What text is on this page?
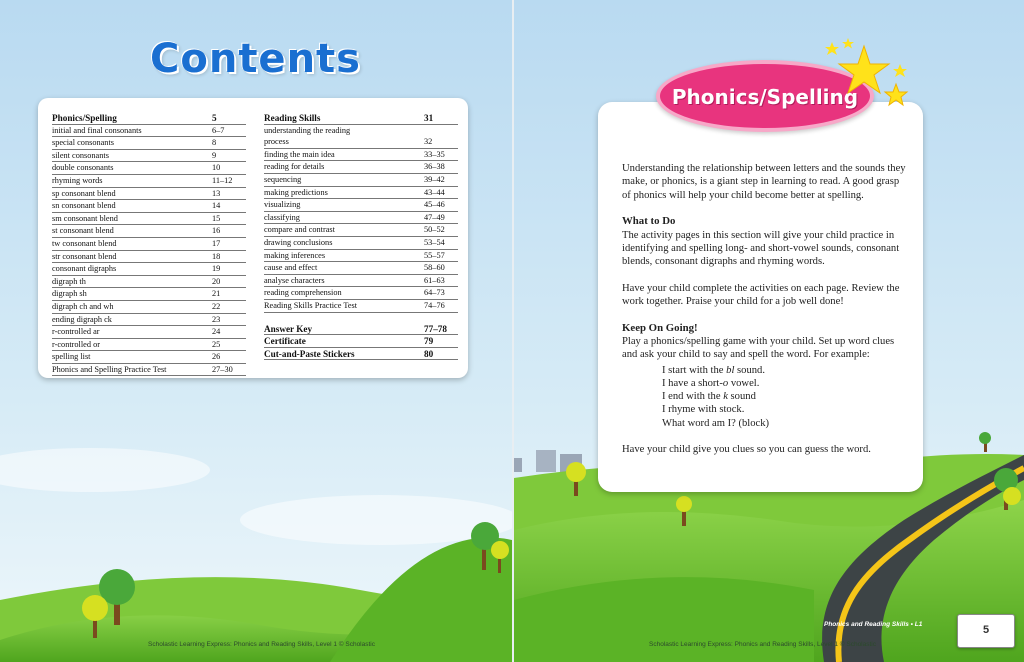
Contents
Phonics/Spelling	5
initial and final consonants	6–7
special consonants	8
silent consonants	9
double consonants	10
rhyming words	11–12
sp consonant blend	13
sn consonant blend	14
sm consonant blend	15
st consonant blend	16
tw consonant blend	17
str consonant blend	18
consonant digraphs	19
digraph th	20
digraph sh	21
digraph ch and wh	22
ending digraph ck	23
r-controlled ar	24
r-controlled or	25
spelling list	26
Phonics and Spelling Practice Test	27–30
Reading Skills	31
understanding the reading
process	32
finding the main idea	33–35
reading for details	36–38
sequencing	39–42
making predictions	43–44
visualizing	45–46
classifying	47–49
compare and contrast	50–52
drawing conclusions	53–54
making inferences	55–57
cause and effect	58–60
analyse characters	61–63
reading comprehension	64–73
Reading Skills Practice Test	74–76
Answer Key	77–78
Certificate	79
Cut-and-Paste Stickers	80
Scholastic Learning Express: Phonics and Reading Skills, Level 1 © Scholastic

Understanding the relationship between letters and the sounds they make, or phonics, is a giant step in learning to read. A good grasp of phonics will help your child become better at spelling.

What to Do

The activity pages in this section will give your child practice in identifying and spelling long- and short-vowel sounds, consonant blends, consonant digraphs and rhyming words.

Have your child complete the activities on each page. Review the work together. Praise your child for a job well done!

Keep On Going!

Play a phonics/spelling game with your child. Set up word clues and ask your child to say and spell the word. For example:

I start with the bl sound.
I have a short-o vowel.
I end with the k sound
I rhyme with stock.
What word am I? (block)

Have your child give you clues so you can guess the word.

Phonics/Spelling
Scholastic Learning Express: Phonics and Reading Skills, Level 1 © Scholastic
Phonics and Reading Skills • L1	5
